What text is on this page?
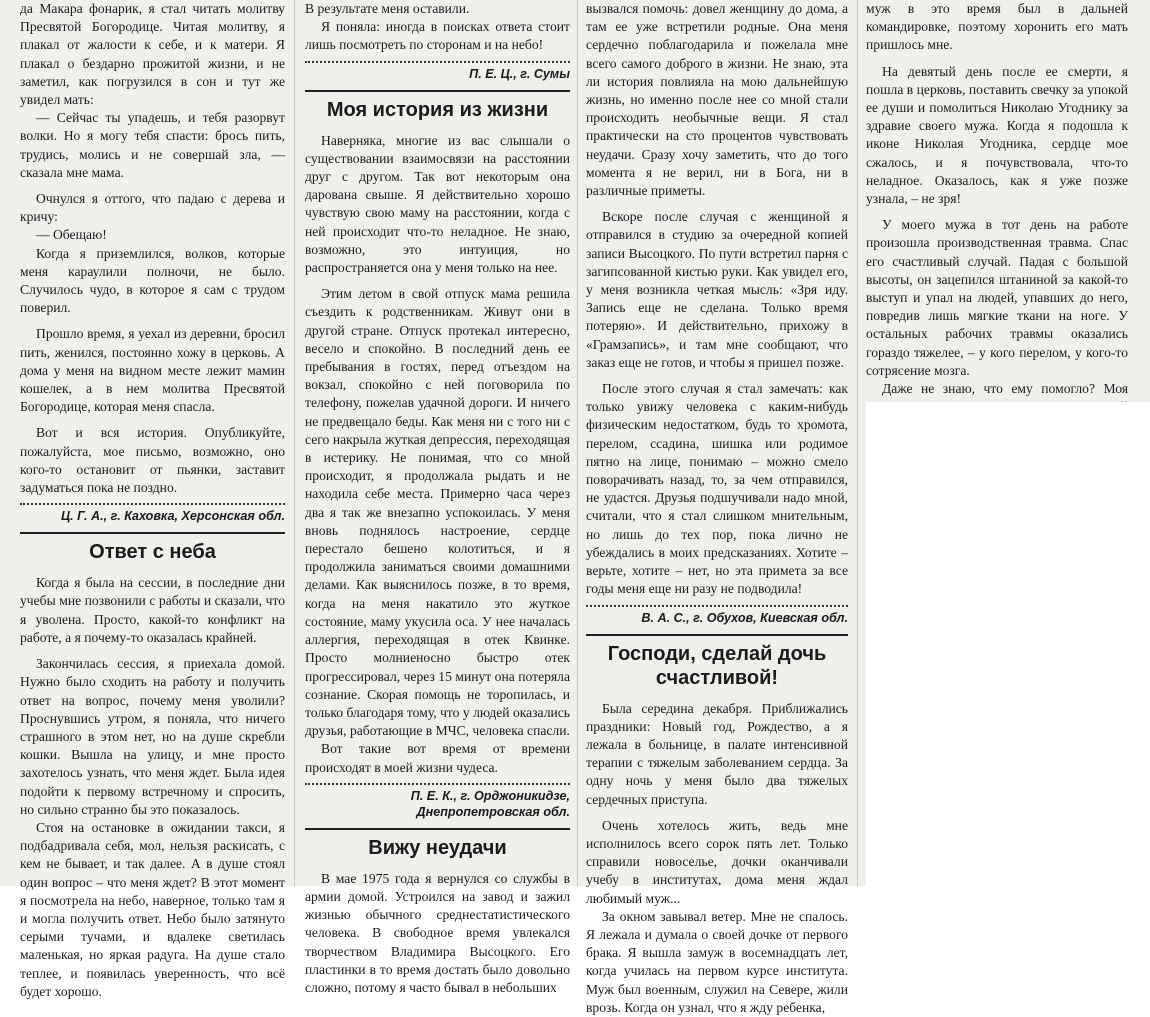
да Макара фонарик, я стал читать молитву Пресвятой Богородице. Читая молитву, я плакал от жалости к себе, и к матери. Я плакал о бездарно прожитой жизни, и не заметил, как погрузился в сон и тут же увидел мать:

— Сейчас ты упадешь, и тебя разорвут волки. Но я могу тебя спасти: брось пить, трудись, молись и не совершай зла, — сказала мне мама.

Очнулся я оттого, что падаю с дерева и кричу:

— Обещаю!

Когда я приземлился, волков, которые меня караулили полночи, не было. Случилось чудо, в которое я сам с трудом поверил.

Прошло время, я уехал из деревни, бросил пить, женился, постоянно хожу в церковь. А дома у меня на видном месте лежит мамин кошелек, а в нем молитва Пресвятой Богородице, которая меня спасла.

Вот и вся история. Опубликуйте, пожалуйста, мое письмо, возможно, оно кого-то остановит от пьянки, заставит задуматься пока не поздно.

Ц. Г. А., г. Каховка, Херсонская обл.
Ответ с неба

Когда я была на сессии, в последние дни учебы мне позвонили с работы и сказали, что я уволена. Просто, какой-то конфликт на работе, а я почему-то оказалась крайней.

Закончилась сессия, я приехала домой. Нужно было сходить на работу и получить ответ на вопрос, почему меня уволили? Проснувшись утром, я поняла, что ничего страшного в этом нет, но на душе скребли кошки. Вышла на улицу, и мне просто захотелось узнать, что меня ждет. Была идея подойти к первому встречному и спросить, но сильно странно бы это показалось.

Стоя на остановке в ожидании такси, я подбадривала себя, мол, нельзя раскисать, с кем не бывает, и так далее. А в душе стоял один вопрос – что меня ждет? В этот момент я посмотрела на небо, наверное, только там я и могла получить ответ. Небо было затянуто серыми тучами, и вдалеке светилась маленькая, но яркая радуга. На душе стало теплее, и появилась уверенность, что всё будет хорошо.

В результате меня оставили.

Я поняла: иногда в поисках ответа стоит лишь посмотреть по сторонам и на небо!

П. Е. Ц., г. Сумы
Моя история из жизни

Наверняка, многие из вас слышали о существовании взаимосвязи на расстоянии друг с другом. Так вот некоторым она дарована свыше. Я действительно хорошо чувствую свою маму на расстоянии, когда с ней происходит что-то неладное. Не знаю, возможно, это интуиция, но распространяется она у меня только на нее.

Этим летом в свой отпуск мама решила съездить к родственникам. Живут они в другой стране. Отпуск протекал интересно, весело и спокойно. В последний день ее пребывания в гостях, перед отъездом на вокзал, спокойно с ней поговорила по телефону, пожелав удачной дороги. И ничего не предвещало беды. Как меня ни с того ни с сего накрыла жуткая депрессия, переходящая в истерику. Не понимая, что со мной происходит, я продолжала рыдать и не находила себе места. Примерно часа через два я так же внезапно успокоилась. У меня вновь поднялось настроение, сердце перестало бешено колотиться, и я продолжила заниматься своими домашними делами. Как выяснилось позже, в то время, когда на меня накатило это жуткое состояние, маму укусила оса. У нее началась аллергия, переходящая в отек Квинке. Просто молниеносно быстро отек прогрессировал, через 15 минут она потеряла сознание. Скорая помощь не торопилась, и только благодаря тому, что у людей оказались друзья, работающие в МЧС, человека спасли.

Вот такие вот время от времени происходят в моей жизни чудеса.

П. Е. К., г. Орджоникидзе, Днепропетровская обл.
Вижу неудачи

В мае 1975 года я вернулся со службы в армии домой. Устроился на завод и зажил жизнью обычного среднестатистического человека. В свободное время увлекался творчеством Владимира Высоцкого. Его пластинки в то время достать было довольно сложно, потому я часто бывал в небольших

вызвался помочь: довел женщину до дома, а там ее уже встретили родные. Она меня сердечно поблагодарила и пожелала мне всего самого доброго в жизни. Не знаю, эта ли история повлияла на мою дальнейшую жизнь, но именно после нее со мной стали происходить необычные вещи. Я стал практически на сто процентов чувствовать неудачи. Сразу хочу заметить, что до того момента я не верил, ни в Бога, ни в различные приметы.

Вскоре после случая с женщиной я отправился в студию за очередной копией записи Высоцкого. По пути встретил парня с загипсованной кистью руки. Как увидел его, у меня возникла четкая мысль: «Зря иду. Запись еще не сделана. Только время потеряю». И действительно, прихожу в «Грамзапись», и там мне сообщают, что заказ еще не готов, и чтобы я пришел позже.

После этого случая я стал замечать: как только увижу человека с каким-нибудь физическим недостатком, будь то хромота, перелом, ссадина, шишка или родимое пятно на лице, понимаю – можно смело поворачивать назад, то, за чем отправился, не удастся. Друзья подшучивали надо мной, считали, что я стал слишком мнительным, но лишь до тех пор, пока лично не убеждались в моих предсказаниях. Хотите – верьте, хотите – нет, но эта примета за все годы меня еще ни разу не подводила!

В. А. С., г. Обухов, Киевская обл.
Господи, сделай дочь счастливой!

Была середина декабря. Приближались праздники: Новый год, Рождество, а я лежала в больнице, в палате интенсивной терапии с тяжелым заболеванием сердца. За одну ночь у меня было два тяжелых сердечных приступа.

Очень хотелось жить, ведь мне исполнилось всего сорок пять лет. Только справили новоселье, дочки оканчивали учебу в институтах, дома меня ждал любимый муж...

За окном завывал ветер. Мне не спалось. Я лежала и думала о своей дочке от первого брака. Я вышла замуж в восемнадцать лет, когда училась на первом курсе института. Муж был военным, служил на Севере, жили врозь. Когда он узнал, что я жду ребенка,

муж в это время был в дальней командировке, поэтому хоронить его мать пришлось мне.

На девятый день после ее смерти, я пошла в церковь, поставить свечку за упокой ее души и помолиться Николаю Угоднику за здравие своего мужа. Когда я подошла к иконе Николая Угодника, сердце мое сжалось, и я почувствовала, что-то неладное. Оказалось, как я уже позже узнала, – не зря!

У моего мужа в тот день на работе произошла производственная травма. Спас его счастливый случай. Падая с большой высоты, он зацепился штаниной за какой-то выступ и упал на людей, упавших до него, повредив лишь мягкие ткани на ноге. У остальных рабочих травмы оказались гораздо тяжелее, – у кого перелом, у кого-то сотрясение мозга.

Даже не знаю, что ему помогло? Моя
